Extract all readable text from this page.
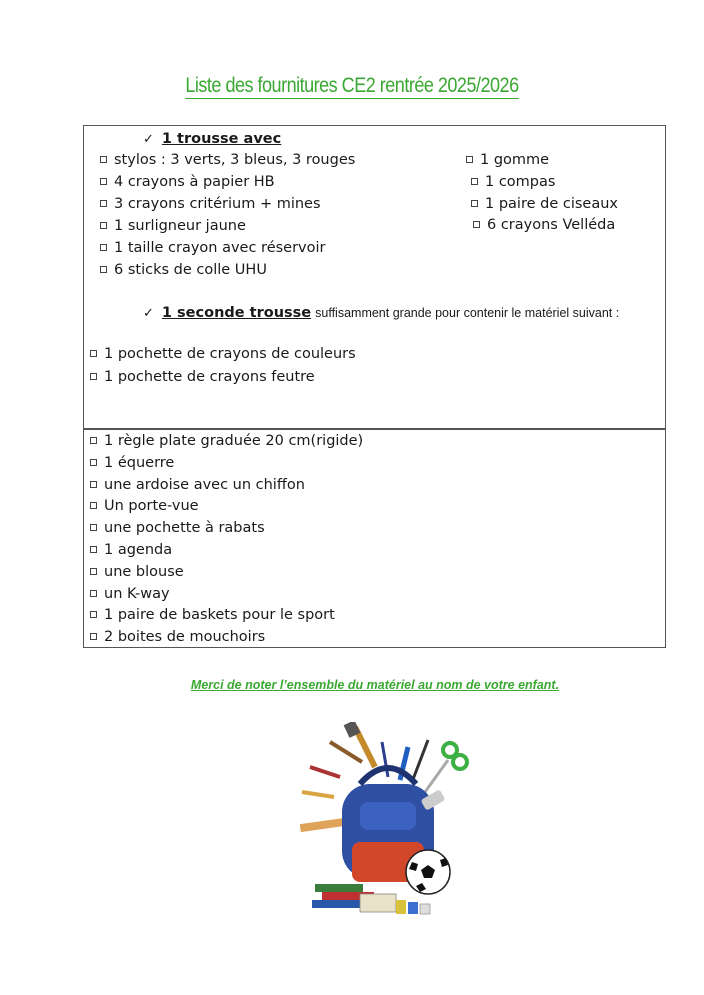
Liste des fournitures CE2 rentrée 2025/2026
✓ 1 trousse avec
stylos : 3 verts, 3 bleus, 3 rouges
4 crayons à papier HB
3 crayons critérium + mines
1 surligneur jaune
1 taille crayon avec réservoir
6 sticks de colle UHU
1 gomme
1 compas
1 paire de ciseaux
6 crayons Velléda
✓ 1 seconde trousse suffisamment grande pour contenir le matériel suivant :
1 pochette de crayons de couleurs
1 pochette de crayons feutre
1 règle plate graduée 20 cm(rigide)
1 équerre
une ardoise avec un chiffon
Un porte-vue
une pochette à rabats
1 agenda
une blouse
un K-way
1 paire de baskets pour le sport
2 boites de mouchoirs
Merci de noter l’ensemble du matériel au nom de votre enfant.
